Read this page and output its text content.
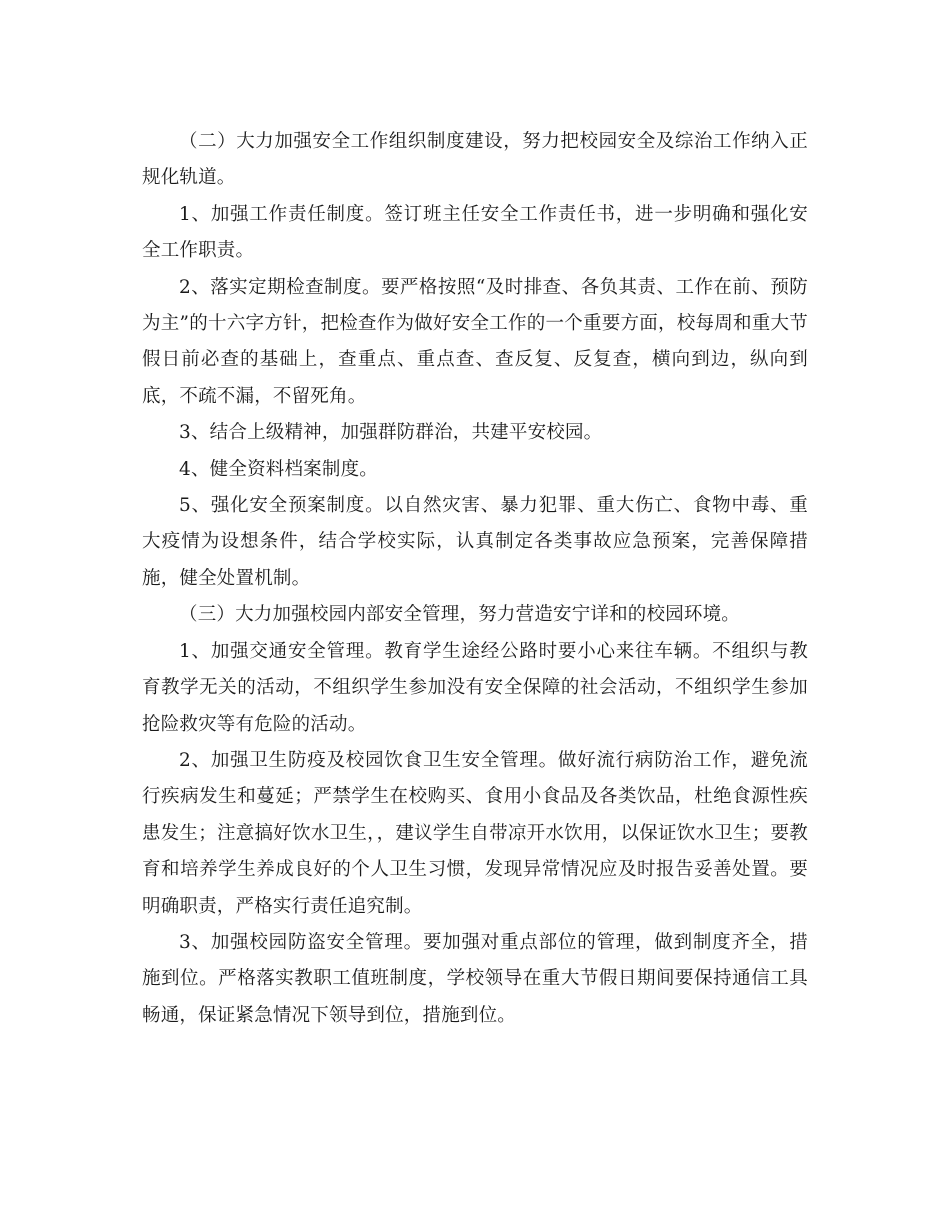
（二）大力加强安全工作组织制度建设，努力把校园安全及综治工作纳入正规化轨道。

1、加强工作责任制度。签订班主任安全工作责任书，进一步明确和强化安全工作职责。

2、落实定期检查制度。要严格按照“及时排查、各负其责、工作在前、预防为主”的十六字方针，把检查作为做好安全工作的一个重要方面，校每周和重大节假日前必查的基础上，查重点、重点查、查反复、反复查，横向到边，纵向到底，不疏不漏，不留死角。

3、结合上级精神，加强群防群治，共建平安校园。

4、健全资料档案制度。

5、强化安全预案制度。以自然灾害、暴力犯罪、重大伤亡、食物中毒、重大疫情为设想条件，结合学校实际，认真制定各类事故应急预案，完善保障措施，健全处置机制。

（三）大力加强校园内部安全管理，努力营造安宁详和的校园环境。

1、加强交通安全管理。教育学生途经公路时要小心来往车辆。不组织与教育教学无关的活动，不组织学生参加没有安全保障的社会活动，不组织学生参加抢险救灾等有危险的活动。

2、加强卫生防疫及校园饮食卫生安全管理。做好流行病防治工作，避免流行疾病发生和蔓延；严禁学生在校购买、食用小食品及各类饮品，杜绝食源性疾患发生；注意搞好饮水卫生，，建议学生自带凉开水饮用，以保证饮水卫生；要教育和培养学生养成良好的个人卫生习惯，发现异常情况应及时报告妥善处置。要明确职责，严格实行责任追究制。

3、加强校园防盗安全管理。要加强对重点部位的管理，做到制度齐全，措施到位。严格落实教职工值班制度，学校领导在重大节假日期间要保持通信工具畅通，保证紧急情况下领导到位，措施到位。
